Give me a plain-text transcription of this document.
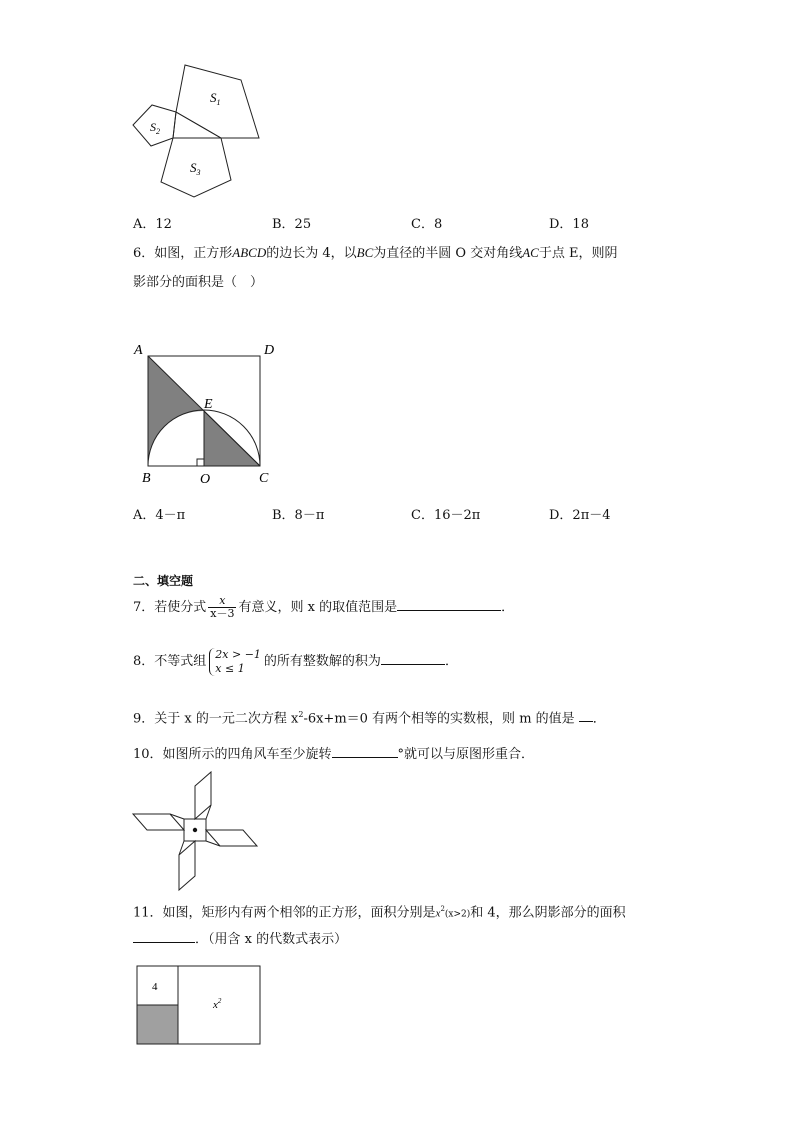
$S_1$
$S_2$
$S_3$
A．12	B．25	C．8	D．18
6．如图，正方形ABCD的边长为 4，以BC为直径的半圆 O 交对角线AC于点 E，则阴
影部分的面积是（　）
A	D
E
B	O	C
A．4－π	B．8－π	C．16－2π	D．2π－4
二、填空题
7．若使分式 $\frac{x}{x-3}$ 有意义，则 x 的取值范围是	．
8．不等式组 2x > −1
x ≤ 1	的所有整数解的积为	．
9．关于 x 的一元二次方程 $x^2-6x+m=0$ 有两个相等的实数根，则 m 的值是 ．
10．如图所示的四角风车至少旋转	°就可以与原图形重合．
11．如图，矩形内有两个相邻的正方形，面积分别是$x^2(x>2)$和 4，那么阴影部分的面积
．（用含 x 的代数式表示）
4
$x^2$
